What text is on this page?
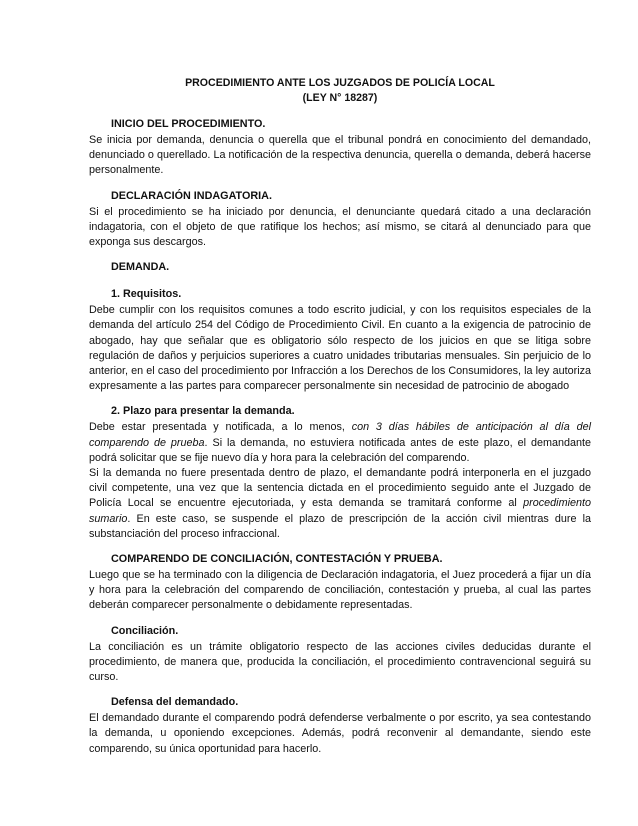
PROCEDIMIENTO ANTE LOS JUZGADOS DE POLICÍA LOCAL
(LEY N° 18287)
INICIO DEL PROCEDIMIENTO.

Se inicia por demanda, denuncia o querella que el tribunal pondrá en conocimiento del demandado, denunciado o querellado. La notificación de la respectiva denuncia, querella o demanda, deberá hacerse personalmente.

DECLARACIÓN INDAGATORIA.

Si el procedimiento se ha iniciado por denuncia, el denunciante quedará citado a una declaración indagatoria, con el objeto de que ratifique los hechos; así mismo, se citará al denunciado para que exponga sus descargos.

DEMANDA.
1. Requisitos.

Debe cumplir con los requisitos comunes a todo escrito judicial, y con los requisitos especiales de la demanda del artículo 254 del Código de Procedimiento Civil. En cuanto a la exigencia de patrocinio de abogado, hay que señalar que es obligatorio sólo respecto de los juicios en que se litiga sobre regulación de daños y perjuicios superiores a cuatro unidades tributarias mensuales. Sin perjuicio de lo anterior, en el caso del procedimiento por Infracción a los Derechos de los Consumidores, la ley autoriza expresamente a las partes para comparecer personalmente sin necesidad de patrocinio de abogado

2. Plazo para presentar la demanda.

Debe estar presentada y notificada, a lo menos, con 3 días hábiles de anticipación al día del comparendo de prueba. Si la demanda, no estuviera notificada antes de este plazo, el demandante podrá solicitar que se fije nuevo día y hora para la celebración del comparendo.

Si la demanda no fuere presentada dentro de plazo, el demandante podrá interponerla en el juzgado civil competente, una vez que la sentencia dictada en el procedimiento seguido ante el Juzgado de Policía Local se encuentre ejecutoriada, y esta demanda se tramitará conforme al procedimiento sumario. En este caso, se suspende el plazo de prescripción de la acción civil mientras dure la substanciación del proceso infraccional.

COMPARENDO DE CONCILIACIÓN, CONTESTACIÓN Y PRUEBA.

Luego que se ha terminado con la diligencia de Declaración indagatoria, el Juez procederá a fijar un día y hora para la celebración del comparendo de conciliación, contestación y prueba, al cual las partes deberán comparecer personalmente o debidamente representadas.

Conciliación.

La conciliación es un trámite obligatorio respecto de las acciones civiles deducidas durante el procedimiento, de manera que, producida la conciliación, el procedimiento contravencional seguirá su curso.

Defensa del demandado.

El demandado durante el comparendo podrá defenderse verbalmente o por escrito, ya sea contestando la demanda, u oponiendo excepciones. Además, podrá reconvenir al demandante, siendo este comparendo, su única oportunidad para hacerlo.
